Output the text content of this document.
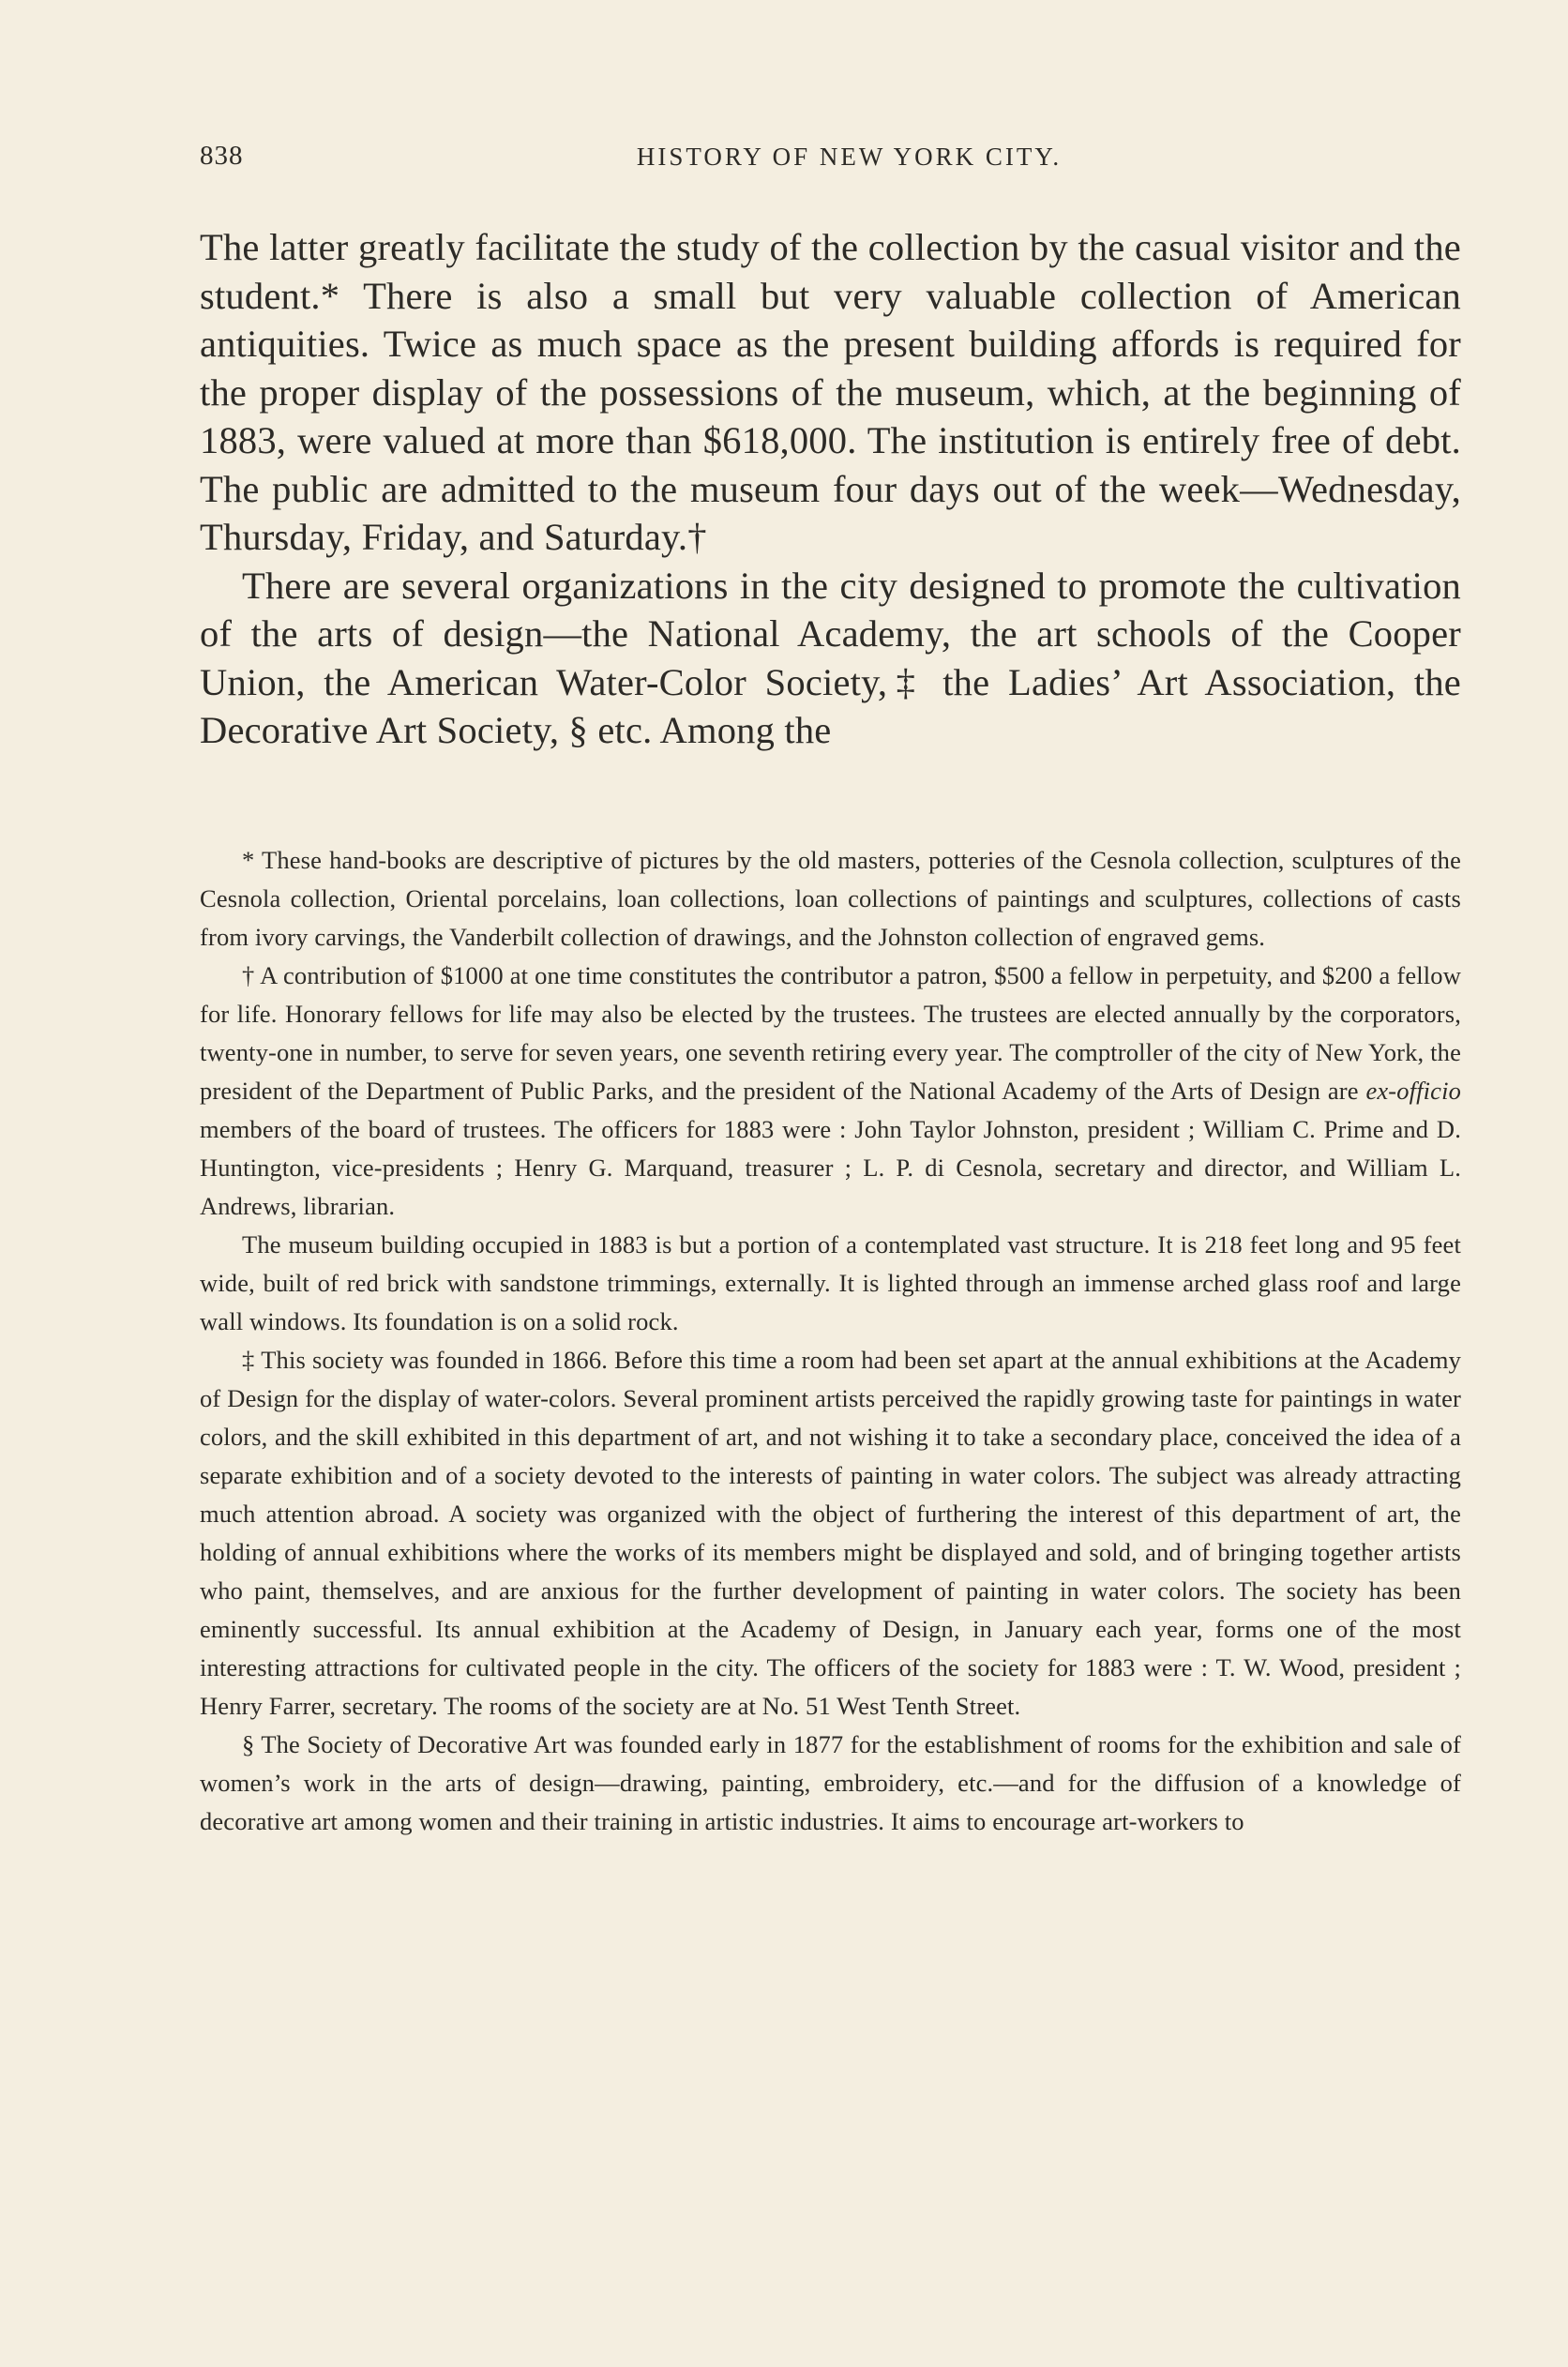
838	HISTORY OF NEW YORK CITY.

The latter greatly facilitate the study of the collection by the casual visitor and the student.* There is also a small but very valuable collection of American antiquities. Twice as much space as the present building affords is required for the proper display of the possessions of the museum, which, at the beginning of 1883, were valued at more than $618,000. The institution is entirely free of debt. The public are admitted to the museum four days out of the week—Wednesday, Thursday, Friday, and Saturday.†

There are several organizations in the city designed to promote the cultivation of the arts of design—the National Academy, the art schools of the Cooper Union, the American Water-Color Society,‡ the Ladies’ Art Association, the Decorative Art Society, § etc. Among the

* These hand-books are descriptive of pictures by the old masters, potteries of the Cesnola collection, sculptures of the Cesnola collection, Oriental porcelains, loan collections, loan collections of paintings and sculptures, collections of casts from ivory carvings, the Vanderbilt collection of drawings, and the Johnston collection of engraved gems.

† A contribution of $1000 at one time constitutes the contributor a patron, $500 a fellow in perpetuity, and $200 a fellow for life. Honorary fellows for life may also be elected by the trustees. The trustees are elected annually by the corporators, twenty-one in number, to serve for seven years, one seventh retiring every year. The comptroller of the city of New York, the president of the Department of Public Parks, and the president of the National Academy of the Arts of Design are ex-officio members of the board of trustees. The officers for 1883 were : John Taylor Johnston, president ; William C. Prime and D. Huntington, vice-presidents ; Henry G. Marquand, treasurer ; L. P. di Cesnola, secretary and director, and William L. Andrews, librarian.

The museum building occupied in 1883 is but a portion of a contemplated vast structure. It is 218 feet long and 95 feet wide, built of red brick with sandstone trimmings, externally. It is lighted through an immense arched glass roof and large wall windows. Its foundation is on a solid rock.

‡ This society was founded in 1866. Before this time a room had been set apart at the annual exhibitions at the Academy of Design for the display of water-colors. Several prominent artists perceived the rapidly growing taste for paintings in water colors, and the skill exhibited in this department of art, and not wishing it to take a secondary place, conceived the idea of a separate exhibition and of a society devoted to the interests of painting in water colors. The subject was already attracting much attention abroad. A society was organized with the object of furthering the interest of this department of art, the holding of annual exhibitions where the works of its members might be displayed and sold, and of bringing together artists who paint, themselves, and are anxious for the further development of painting in water colors. The society has been eminently successful. Its annual exhibition at the Academy of Design, in January each year, forms one of the most interesting attractions for cultivated people in the city. The officers of the society for 1883 were : T. W. Wood, president ; Henry Farrer, secretary. The rooms of the society are at No. 51 West Tenth Street.

§ The Society of Decorative Art was founded early in 1877 for the establishment of rooms for the exhibition and sale of women’s work in the arts of design—drawing, painting, embroidery, etc.—and for the diffusion of a knowledge of decorative art among women and their training in artistic industries. It aims to encourage art-workers to
